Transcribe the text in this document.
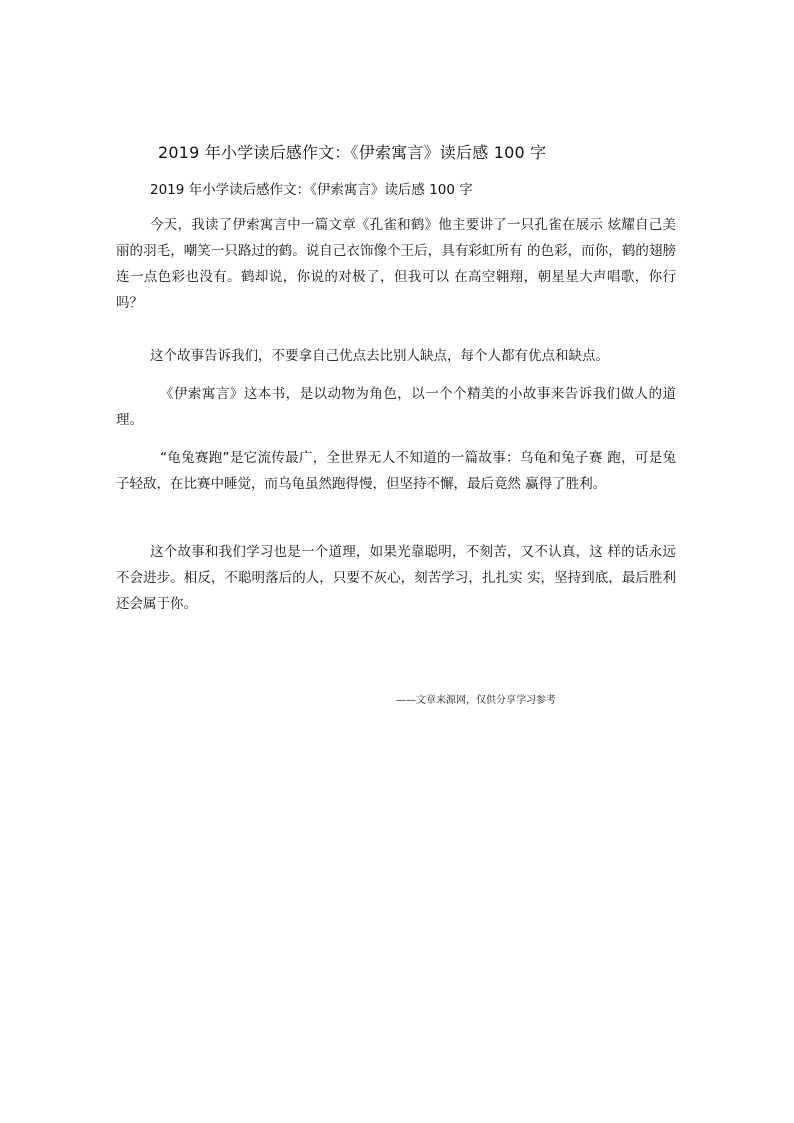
2019 年小学读后感作文：《伊索寓言》读后感 100 字
2019 年小学读后感作文：《伊索寓言》读后感 100 字

今天，我读了伊索寓言中一篇文章《孔雀和鹤》他主要讲了一只孔雀在展示 炫耀自己美丽的羽毛，嘲笑一只路过的鹤。说自己衣饰像个王后，具有彩虹所有 的色彩，而你，鹤的翅膀连一点色彩也没有。鹤却说，你说的对极了，但我可以 在高空翱翔，朝星星大声唱歌，你行吗？

这个故事告诉我们，不要拿自己优点去比别人缺点，每个人都有优点和缺点。

《伊索寓言》这本书，是以动物为角色，以一个个精美的小故事来告诉我们做人的道理。

“龟兔赛跑”是它流传最广，全世界无人不知道的一篇故事：乌龟和兔子赛 跑，可是兔子轻敌，在比赛中睡觉，而乌龟虽然跑得慢，但坚持不懈，最后竟然 赢得了胜利。

这个故事和我们学习也是一个道理，如果光靠聪明，不刻苦，又不认真，这 样的话永远不会进步。相反，不聪明落后的人，只要不灰心，刻苦学习，扎扎实 实，坚持到底，最后胜利还会属于你。

——文章来源网，仅供分享学习参考
